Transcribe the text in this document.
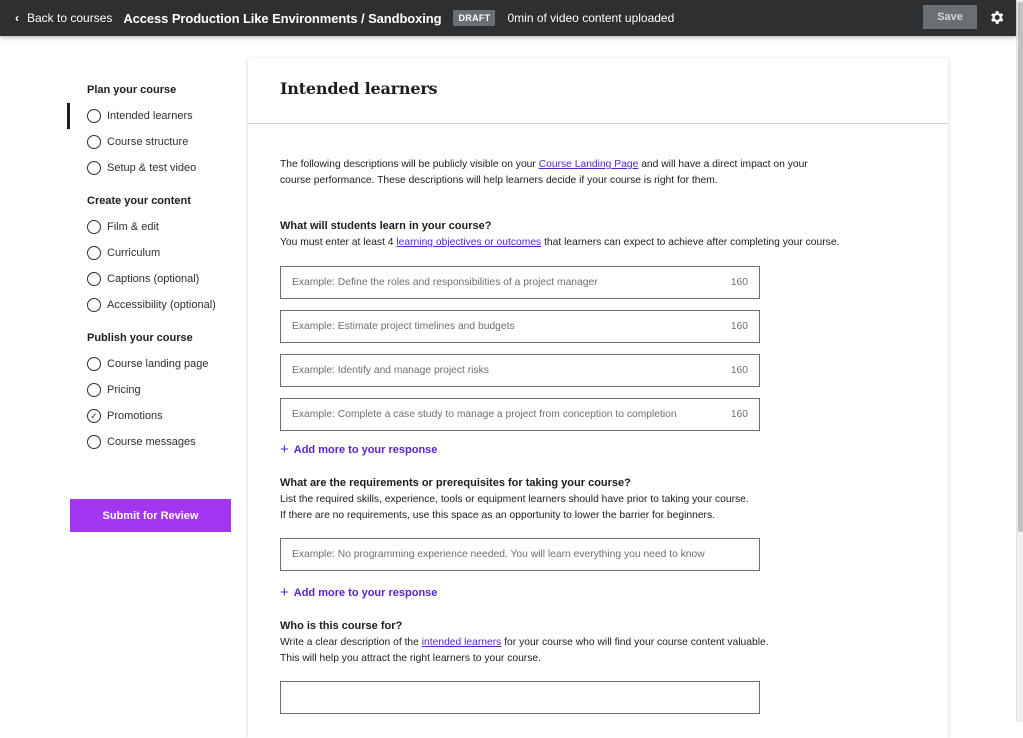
‹ Back to courses Access Production Like Environments / Sandboxing	DRAFT	0min of video content uploaded	Save
Plan your course
Intended learners
Course structure
Setup & test video
Create your content
Film & edit
Curriculum
Captions (optional)
Accessibility (optional)
Publish your course
Course landing page
Pricing
✓ Promotions
Course messages
Submit for Review
Intended learners

The following descriptions will be publicly visible on your Course Landing Page and will have a direct impact on your course performance. These descriptions will help learners decide if your course is right for them.

What will students learn in your course?

You must enter at least 4 learning objectives or outcomes that learners can expect to achieve after completing your course.

Example: Define the roles and responsibilities of a project manager	160
Example: Estimate project timelines and budgets	160
Example: Identify and manage project risks	160
Example: Complete a case study to manage a project from conception to completion	160
+ Add more to your response
What are the requirements or prerequisites for taking your course?

List the required skills, experience, tools or equipment learners should have prior to taking your course.
If there are no requirements, use this space as an opportunity to lower the barrier for beginners.

Example: No programming experience needed. You will learn everything you need to know
+ Add more to your response
Who is this course for?

Write a clear description of the intended learners for your course who will find your course content valuable.
This will help you attract the right learners to your course.
